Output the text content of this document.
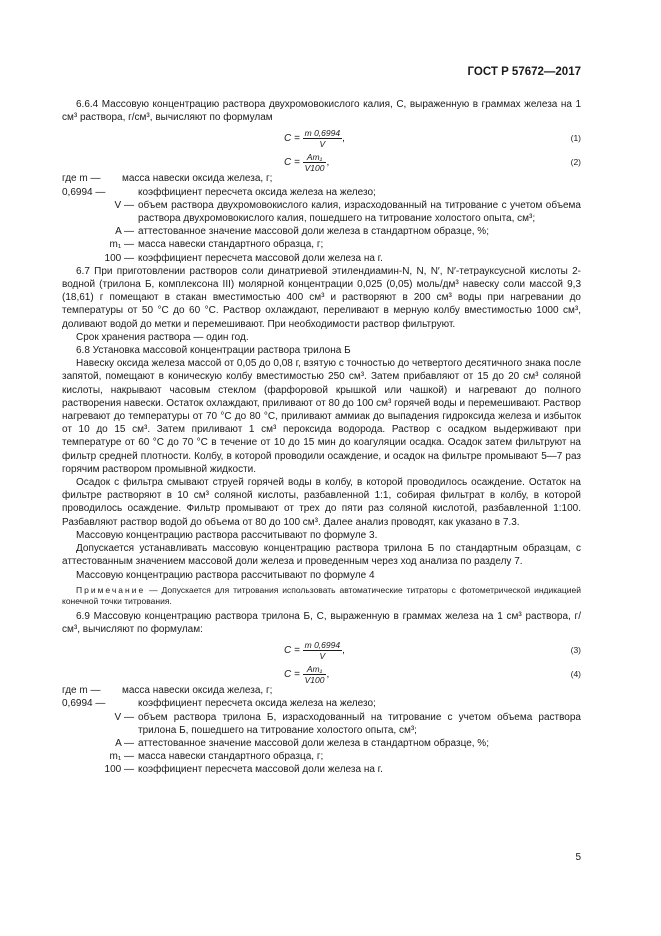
ГОСТ Р 57672—2017

6.6.4 Массовую концентрацию раствора двухромовокислого калия, C, выраженную в граммах железа на 1 см³ раствора, г/см³, вычисляют по формулам

$C = \frac{m 0,6994}{V}$ ,	(1)
$C = \frac{\text{Am₁}}{V100}$ ,	(2)
где m —	масса навески оксида железа, г;
0,6994 —	коэффициент пересчета оксида железа на железо;
V — объем раствора двухромовокислого калия, израсходованный на титрование с учетом объема раствора двухромовокислого калия, пошедшего на титрование холостого опыта, см³;
A — аттестованное значение массовой доли железа в стандартном образце, %;
m₁ — масса навески стандартного образца, г;
100 — коэффициент пересчета массовой доли железа на г.

6.7 При приготовлении растворов соли динатриевой этилендиамин-N, N, N′, N′-тетрауксусной кислоты 2-водной (трилона Б, комплексона III) молярной концентрации 0,025 (0,05) моль/дм³ навеску соли массой 9,3 (18,61) г помещают в стакан вместимостью 400 см³ и растворяют в 200 см³ воды при нагревании до температуры от 50 °С до 60 °С. Раствор охлаждают, переливают в мерную колбу вместимостью 1000 см³, доливают водой до метки и перемешивают. При необходимости раствор фильтруют.

Срок хранения раствора — один год.

6.8 Установка массовой концентрации раствора трилона Б

Навеску оксида железа массой от 0,05 до 0,08 г, взятую с точностью до четвертого десятичного знака после запятой, помещают в коническую колбу вместимостью 250 см³. Затем прибавляют от 15 до 20 см³ соляной кислоты, накрывают часовым стеклом (фарфоровой крышкой или чашкой) и нагревают до полного растворения навески. Остаток охлаждают, приливают от 80 до 100 см³ горячей воды и перемешивают. Раствор нагревают до температуры от 70 °С до 80 °С, приливают аммиак до выпадения гидроксида железа и избыток от 10 до 15 см³. Затем приливают 1 см³ пероксида водорода. Раствор с осадком выдерживают при температуре от 60 °С до 70 °С в течение от 10 до 15 мин до коагуляции осадка. Осадок затем фильтруют на фильтр средней плотности. Колбу, в которой проводили осаждение, и осадок на фильтре промывают 5—7 раз горячим раствором промывной жидкости.

Осадок с фильтра смывают струей горячей воды в колбу, в которой проводилось осаждение. Остаток на фильтре растворяют в 10 см³ соляной кислоты, разбавленной 1:1, собирая фильтрат в колбу, в которой проводилось осаждение. Фильтр промывают от трех до пяти раз соляной кислотой, разбавленной 1:100. Разбавляют раствор водой до объема от 80 до 100 см³. Далее анализ проводят, как указано в 7.3.

Массовую концентрацию раствора рассчитывают по формуле 3.

Допускается устанавливать массовую концентрацию раствора трилона Б по стандартным образцам, с аттестованным значением массовой доли железа и проведенным через ход анализа по разделу 7.

Массовую концентрацию раствора рассчитывают по формуле 4

Примечание — Допускается для титрования использовать автоматические титраторы с фотометрической индикацией конечной точки титрования.

6.9 Массовую концентрацию раствора трилона Б, C, выраженную в граммах железа на 1 см³ раствора, г/см³, вычисляют по формулам:

$C = \frac{m 0,6994}{V}$ ,	(3)
$C = \frac{\text{Am₁}}{V100}$ ,	(4)
где m —	масса навески оксида железа, г;
0,6994 —	коэффициент пересчета оксида железа на железо;
V — объем раствора трилона Б, израсходованный на титрование с учетом объема раствора трилона Б, пошедшего на титрование холостого опыта, см³;
A — аттестованное значение массовой доли железа в стандартном образце, %;
m₁ — масса навески стандартного образца, г;
100 — коэффициент пересчета массовой доли железа на г.
5
